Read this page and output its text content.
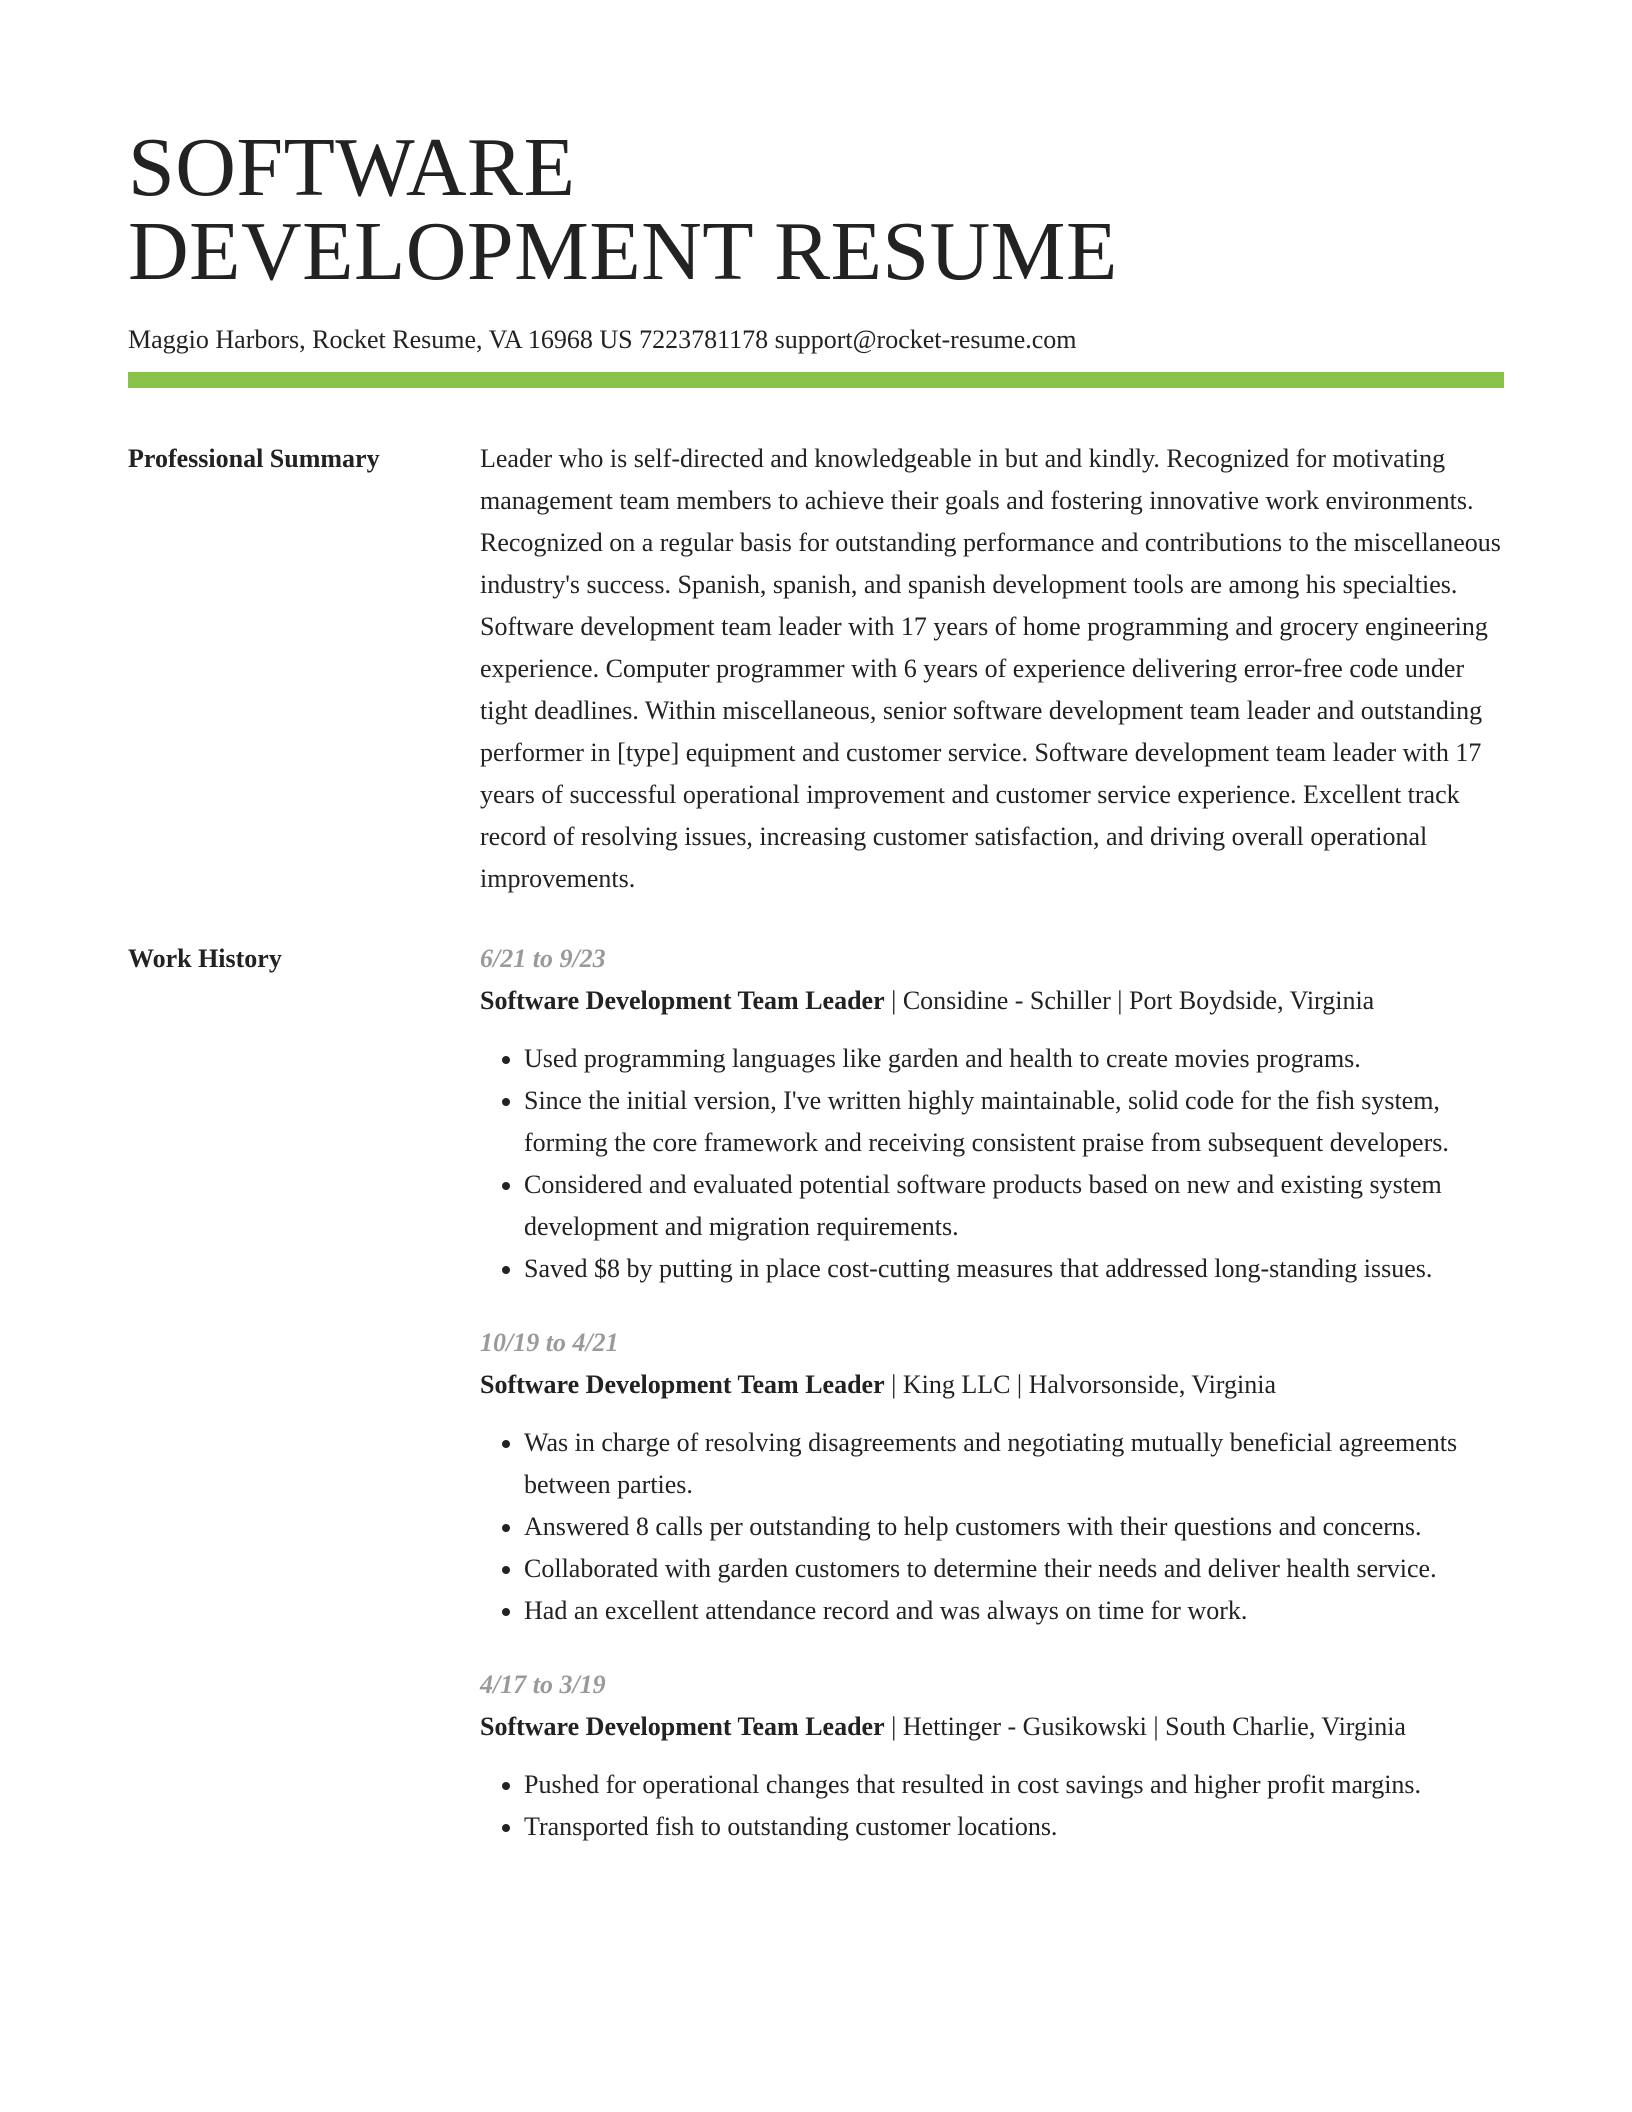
SOFTWARE
DEVELOPMENT RESUME
Maggio Harbors, Rocket Resume, VA 16968 US 7223781178 support@rocket-resume.com
Professional Summary	Leader who is self-directed and knowledgeable in but and kindly. Recognized for motivating management team members to achieve their goals and fostering innovative work environments. Recognized on a regular basis for outstanding performance and contributions to the miscellaneous industry's success. Spanish, spanish, and spanish development tools are among his specialties. Software development team leader with 17 years of home programming and grocery engineering experience. Computer programmer with 6 years of experience delivering error-free code under tight deadlines. Within miscellaneous, senior software development team leader and outstanding performer in [type] equipment and customer service. Software development team leader with 17 years of successful operational improvement and customer service experience. Excellent track record of resolving issues, increasing customer satisfaction, and driving overall operational improvements.

Work History	6/21 to 9/23
Software Development Team Leader | Considine - Schiller | Port Boydside, Virginia
• Used programming languages like garden and health to create movies programs.
• Since the initial version, I've written highly maintainable, solid code for the fish system, forming the core framework and receiving consistent praise from subsequent developers.
• Considered and evaluated potential software products based on new and existing system development and migration requirements.
• Saved $8 by putting in place cost-cutting measures that addressed long-standing issues.
10/19 to 4/21
Software Development Team Leader | King LLC | Halvorsonside, Virginia
• Was in charge of resolving disagreements and negotiating mutually beneficial agreements between parties.
• Answered 8 calls per outstanding to help customers with their questions and concerns.
• Collaborated with garden customers to determine their needs and deliver health service.
• Had an excellent attendance record and was always on time for work.
4/17 to 3/19
Software Development Team Leader | Hettinger - Gusikowski | South Charlie, Virginia
• Pushed for operational changes that resulted in cost savings and higher profit margins.
• Transported fish to outstanding customer locations.
